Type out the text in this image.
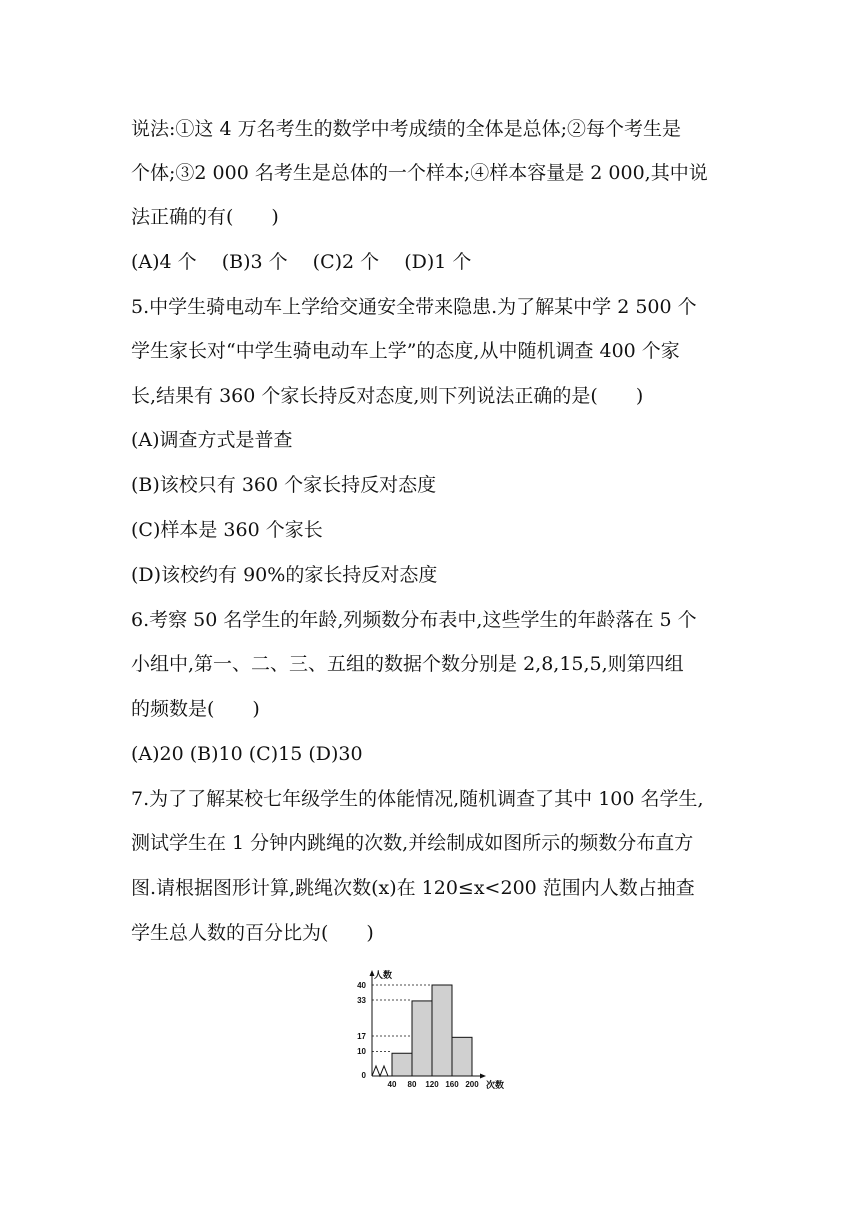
说法:①这 4 万名考生的数学中考成绩的全体是总体;②每个考生是
个体;③2 000 名考生是总体的一个样本;④样本容量是 2 000,其中说
法正确的有(　　)
(A)4 个　 (B)3 个　 (C)2 个　 (D)1 个
5.中学生骑电动车上学给交通安全带来隐患.为了解某中学 2 500 个
学生家长对“中学生骑电动车上学”的态度,从中随机调查 400 个家
长,结果有 360 个家长持反对态度,则下列说法正确的是(　　)
(A)调查方式是普查
(B)该校只有 360 个家长持反对态度
(C)样本是 360 个家长
(D)该校约有 90%的家长持反对态度
6.考察 50 名学生的年龄,列频数分布表中,这些学生的年龄落在 5 个
小组中,第一、二、三、五组的数据个数分别是 2,8,15,5,则第四组
的频数是(　　)
(A)20 (B)10 (C)15 (D)30
7.为了了解某校七年级学生的体能情况,随机调查了其中 100 名学生,
测试学生在 1 分钟内跳绳的次数,并绘制成如图所示的频数分布直方
图.请根据图形计算,跳绳次数(x)在 120≤x<200 范围内人数占抽查
学生总人数的百分比为(　　)
人数
次数
0
10
17
33
40
40 80 120 160 200
